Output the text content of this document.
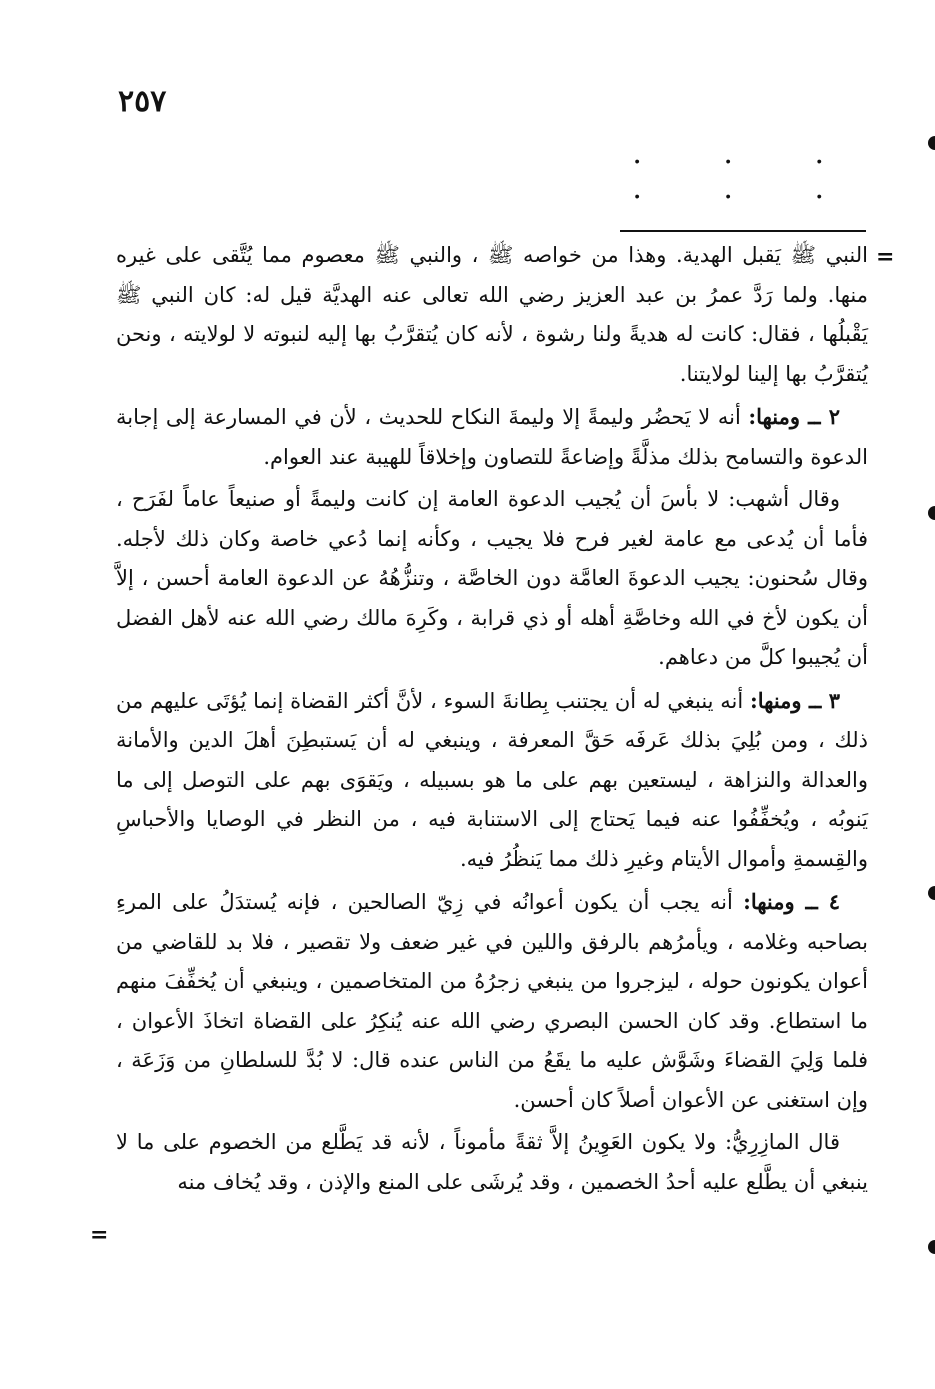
٢٥٧
. . . . . .
=
=

النبي ﷺ يَقبل الهدية. وهذا من خواصه ﷺ ، والنبي ﷺ معصوم مما يُتَّقى على غيره منها. ولما رَدَّ عمرُ بن عبد العزيز رضي الله تعالى عنه الهديَّة قيل له: كان النبي ﷺ يَقْبلُها ، فقال: كانت له هديةً ولنا رشوة ، لأنه كان يُتقرَّبُ بها إليه لنبوته لا لولايته ، ونحن يُتقرَّبُ بها إلينا لولايتنا.

٢ ــ ومنها: أنه لا يَحضُر وليمةً إلا وليمةَ النكاح للحديث ، لأن في المسارعة إلى إجابة الدعوة والتسامح بذلك مذلَّةً وإضاعةً للتصاون وإخلاقاً للهيبة عند العوام.

وقال أشهب: لا بأسَ أن يُجيب الدعوة العامة إن كانت وليمةً أو صنيعاً عاماً لفَرَح ، فأما أن يُدعى مع عامة لغير فرح فلا يجيب ، وكأنه إنما دُعي خاصة وكان ذلك لأجله. وقال سُحنون: يجيب الدعوةَ العامَّة دون الخاصَّة ، وتنزُّهُهُ عن الدعوة العامة أحسن ، إلاَّ أن يكون لأخ في الله وخاصَّةِ أهله أو ذي قرابة ، وكَرِهَ مالك رضي الله عنه لأهل الفضل أن يُجيبوا كلَّ من دعاهم.

٣ ــ ومنها: أنه ينبغي له أن يجتنب بِطانةَ السوء ، لأنَّ أكثر القضاة إنما يُؤتَى عليهم من ذلك ، ومن بُلِيَ بذلك عَرفَه حَقَّ المعرفة ، وينبغي له أن يَستبطِنَ أهلَ الدين والأمانة والعدالة والنزاهة ، ليستعين بهم على ما هو بسبيله ، ويَقوَى بهم على التوصل إلى ما يَنوبُه ، ويُخفِّفُوا عنه فيما يَحتاج إلى الاستنابة فيه ، من النظر في الوصايا والأحباسِ والقِسمةِ وأموال الأيتام وغيرِ ذلك مما يَنظُرُ فيه.

٤ ــ ومنها: أنه يجب أن يكون أعوانُه في زِيّ الصالحين ، فإنه يُستدَلُ على المرءِ بصاحبه وغلامه ، ويأمرُهم بالرفق واللين في غير ضعف ولا تقصير ، فلا بد للقاضي من أعوان يكونون حوله ، ليزجروا من ينبغي زجرُهُ من المتخاصمين ، وينبغي أن يُخفِّفَ منهم ما استطاع. وقد كان الحسن البصري رضي الله عنه يُنكِرُ على القضاة اتخاذَ الأعوان ، فلما وَلِيَ القضاءَ وشَوَّش عليه ما يقَعُ من الناس عنده قال: لا بُدَّ للسلطانِ من وَزَعَة ، وإن استغنى عن الأعوان أصلاً كان أحسن.

قال المازِرِيُّ: ولا يكون العَوِينُ إلاَّ ثقةً مأموناً ، لأنه قد يَطَّلع من الخصوم على ما لا ينبغي أن يطَّلع عليه أحدُ الخصمين ، وقد يُرشَى على المنع والإذن ، وقد يُخاف منه
